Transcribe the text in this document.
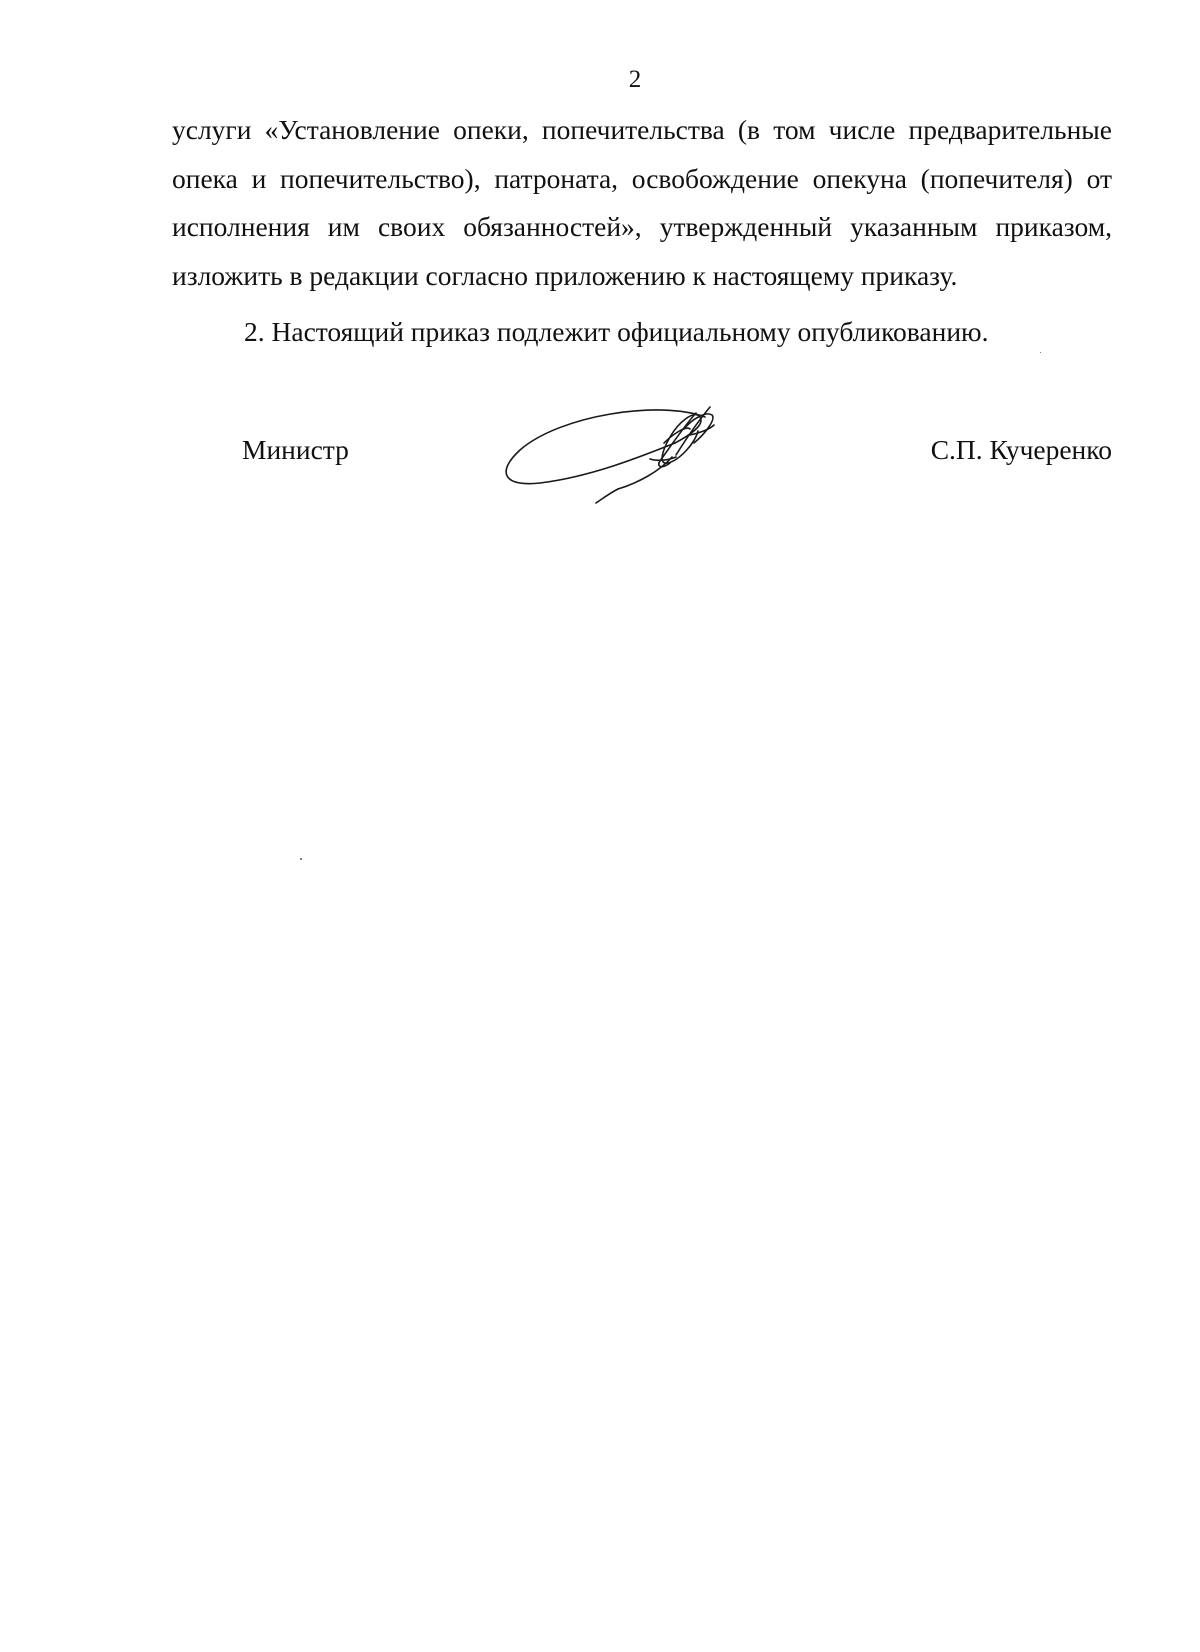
2

услуги «Установление опеки, попечительства (в том числе предварительные опека и попечительство), патроната, освобождение опекуна (попечителя) от исполнения им своих обязанностей», утвержденный указанным приказом, изложить в редакции согласно приложению к настоящему приказу.

2. Настоящий приказ подлежит официальному опубликованию.

Министр	С.П. Кучеренко
